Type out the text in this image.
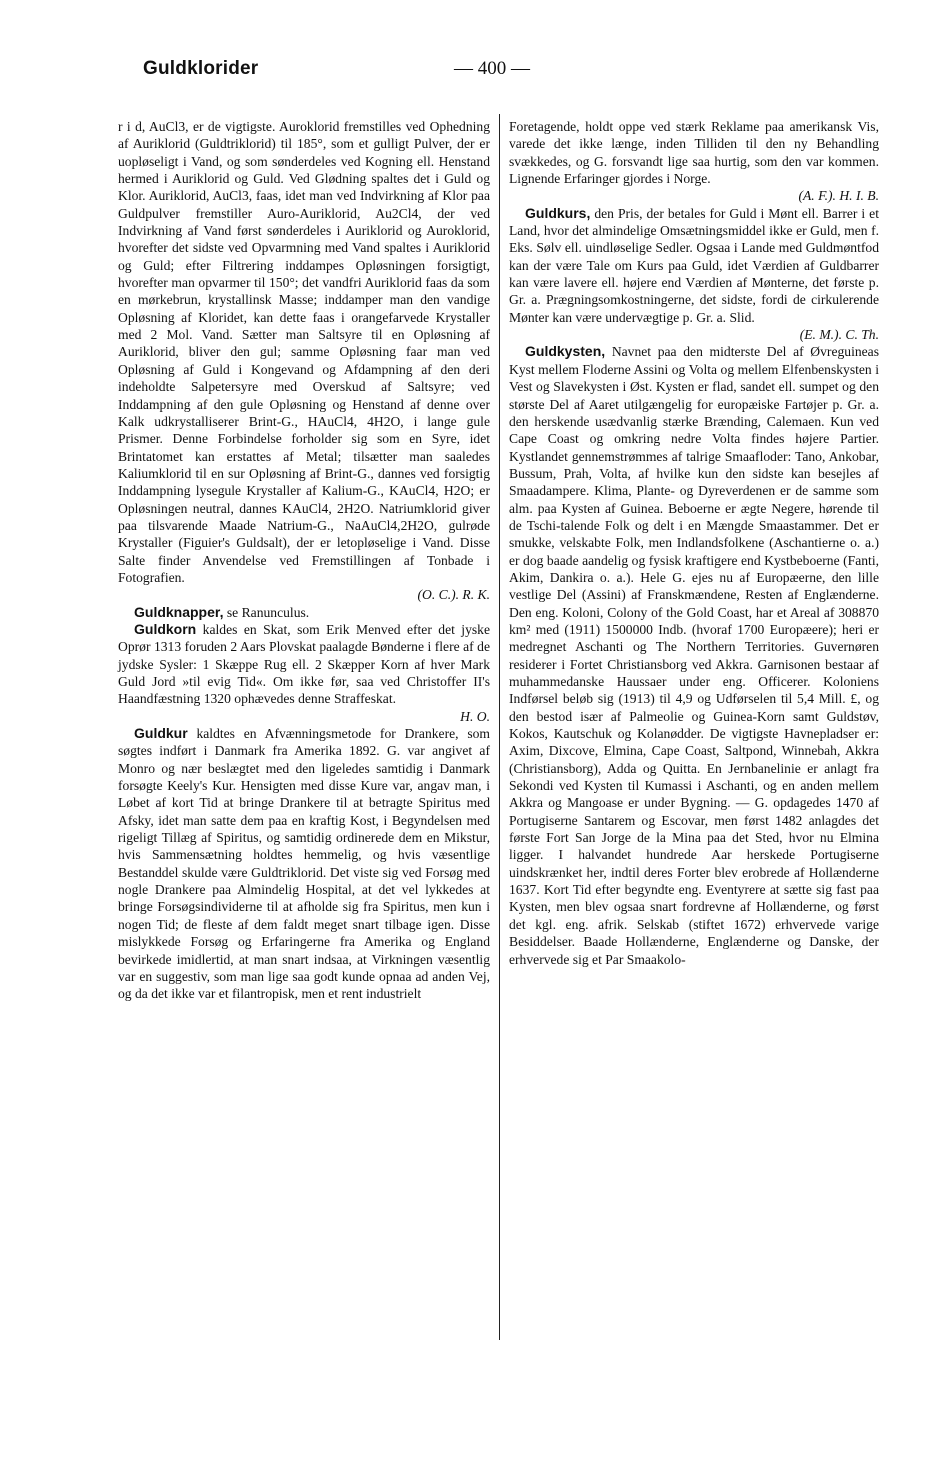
Guldklorider	— 400 —

r i d, AuCl3, er de vigtigste. Auroklorid fremstilles ved Ophedning af Auriklorid (Guldtriklorid) til 185°, som et gulligt Pulver, der er uopløseligt i Vand, og som sønderdeles ved Kogning ell. Henstand hermed i Auriklorid og Guld. Ved Glødning spaltes det i Guld og Klor. Auriklorid, AuCl3, faas, idet man ved Indvirkning af Klor paa Guldpulver fremstiller Auro-Auriklorid, Au2Cl4, der ved Indvirkning af Vand først sønderdeles i Auriklorid og Auroklorid, hvorefter det sidste ved Opvarmning med Vand spaltes i Auriklorid og Guld; efter Filtrering inddampes Opløsningen forsigtigt, hvorefter man opvarmer til 150°; det vandfri Auriklorid faas da som en mørkebrun, krystallinsk Masse; inddamper man den vandige Opløsning af Kloridet, kan dette faas i orangefarvede Krystaller med 2 Mol. Vand. Sætter man Saltsyre til en Opløsning af Auriklorid, bliver den gul; samme Opløsning faar man ved Opløsning af Guld i Kongevand og Afdampning af den deri indeholdte Salpetersyre med Overskud af Saltsyre; ved Inddampning af den gule Opløsning og Henstand af denne over Kalk udkrystalliserer Brint-G., HAuCl4, 4H2O, i lange gule Prismer. Denne Forbindelse forholder sig som en Syre, idet Brintatomet kan erstattes af Metal; tilsætter man saaledes Kaliumklorid til en sur Opløsning af Brint-G., dannes ved forsigtig Inddampning lysegule Krystaller af Kalium-G., KAuCl4, H2O; er Opløsningen neutral, dannes KAuCl4, 2H2O. Natriumklorid giver paa tilsvarende Maade Natrium-G., NaAuCl4,2H2O, gulrøde Krystaller (Figuier's Guldsalt), der er letopløselige i Vand. Disse Salte finder Anvendelse ved Fremstillingen af Tonbade i Fotografien.
(O. C.). R. K.

Guldknapper, se Ranunculus.

Guldkorn kaldes en Skat, som Erik Menved efter det jyske Oprør 1313 foruden 2 Aars Plovskat paalagde Bønderne i flere af de jydske Sysler: 1 Skæppe Rug ell. 2 Skæpper Korn af hver Mark Guld Jord »til evig Tid«. Om ikke før, saa ved Christoffer II's Haandfæstning 1320 ophævedes denne Straffeskat.
H. O.

Guldkur kaldtes en Afvænningsmetode for Drankere, som søgtes indført i Danmark fra Amerika 1892. G. var angivet af Monro og nær beslægtet med den ligeledes samtidig i Danmark forsøgte Keely's Kur. Hensigten med disse Kure var, angav man, i Løbet af kort Tid at bringe Drankere til at betragte Spiritus med Afsky, idet man satte dem paa en kraftig Kost, i Begyndelsen med rigeligt Tillæg af Spiritus, og samtidig ordinerede dem en Mikstur, hvis Sammensætning holdtes hemmelig, og hvis væsentlige Bestanddel skulde være Guldtriklorid. Det viste sig ved Forsøg med nogle Drankere paa Almindelig Hospital, at det vel lykkedes at bringe Forsøgsindividerne til at afholde sig fra Spiritus, men kun i nogen Tid; de fleste af dem faldt meget snart tilbage igen. Disse mislykkede Forsøg og Erfaringerne fra Amerika og England bevirkede imidlertid, at man snart indsaa, at Virkningen væsentlig var en suggestiv, som man lige saa godt kunde opnaa ad anden Vej, og da det ikke var et filantropisk, men et rent industrielt

Foretagende, holdt oppe ved stærk Reklame paa amerikansk Vis, varede det ikke længe, inden Tilliden til den ny Behandling svækkedes, og G. forsvandt lige saa hurtig, som den var kommen. Lignende Erfaringer gjordes i Norge.
(A. F.). H. I. B.

Guldkurs, den Pris, der betales for Guld i Mønt ell. Barrer i et Land, hvor det almindelige Omsætningsmiddel ikke er Guld, men f. Eks. Sølv ell. uindløselige Sedler. Ogsaa i Lande med Guldmøntfod kan der være Tale om Kurs paa Guld, idet Værdien af Guldbarrer kan være lavere ell. højere end Værdien af Mønterne, det første p. Gr. a. Prægningsomkostningerne, det sidste, fordi de cirkulerende Mønter kan være undervægtige p. Gr. a. Slid.
(E. M.). C. Th.

Guldkysten, Navnet paa den midterste Del af Øvreguineas Kyst mellem Floderne Assini og Volta og mellem Elfenbenskysten i Vest og Slavekysten i Øst. Kysten er flad, sandet ell. sumpet og den største Del af Aaret utilgængelig for europæiske Fartøjer p. Gr. a. den herskende usædvanlig stærke Brænding, Calemaen. Kun ved Cape Coast og omkring nedre Volta findes højere Partier. Kystlandet gennemstrømmes af talrige Smaafloder: Tano, Ankobar, Bussum, Prah, Volta, af hvilke kun den sidste kan besejles af Smaadampere. Klima, Plante- og Dyreverdenen er de samme som alm. paa Kysten af Guinea. Beboerne er ægte Negere, hørende til de Tschi-talende Folk og delt i en Mængde Smaastammer. Det er smukke, velskabte Folk, men Indlandsfolkene (Aschantierne o. a.) er dog baade aandelig og fysisk kraftigere end Kystbeboerne (Fanti, Akim, Dankira o. a.). Hele G. ejes nu af Europæerne, den lille vestlige Del (Assini) af Franskmændene, Resten af Englænderne. Den eng. Koloni, Colony of the Gold Coast, har et Areal af 308870 km² med (1911) 1500000 Indb. (hvoraf 1700 Europæere); heri er medregnet Aschanti og The Northern Territories. Guvernøren residerer i Fortet Christiansborg ved Akkra. Garnisonen bestaar af muhammedanske Haussaer under eng. Officerer. Koloniens Indførsel beløb sig (1913) til 4,9 og Udførselen til 5,4 Mill. £, og den bestod især af Palmeolie og Guinea-Korn samt Guldstøv, Kokos, Kautschuk og Kolanødder. De vigtigste Havnepladser er: Axim, Dixcove, Elmina, Cape Coast, Saltpond, Winnebah, Akkra (Christiansborg), Adda og Quitta. En Jernbanelinie er anlagt fra Sekondi ved Kysten til Kumassi i Aschanti, og en anden mellem Akkra og Mangoase er under Bygning. — G. opdagedes 1470 af Portugiserne Santarem og Escovar, men først 1482 anlagdes det første Fort San Jorge de la Mina paa det Sted, hvor nu Elmina ligger. I halvandet hundrede Aar herskede Portugiserne uindskrænket her, indtil deres Forter blev erobrede af Hollænderne 1637. Kort Tid efter begyndte eng. Eventyrere at sætte sig fast paa Kysten, men blev ogsaa snart fordrevne af Hollænderne, og først det kgl. eng. afrik. Selskab (stiftet 1672) erhvervede varige Besiddelser. Baade Hollænderne, Englænderne og Danske, der erhvervede sig et Par Smaakolo-
